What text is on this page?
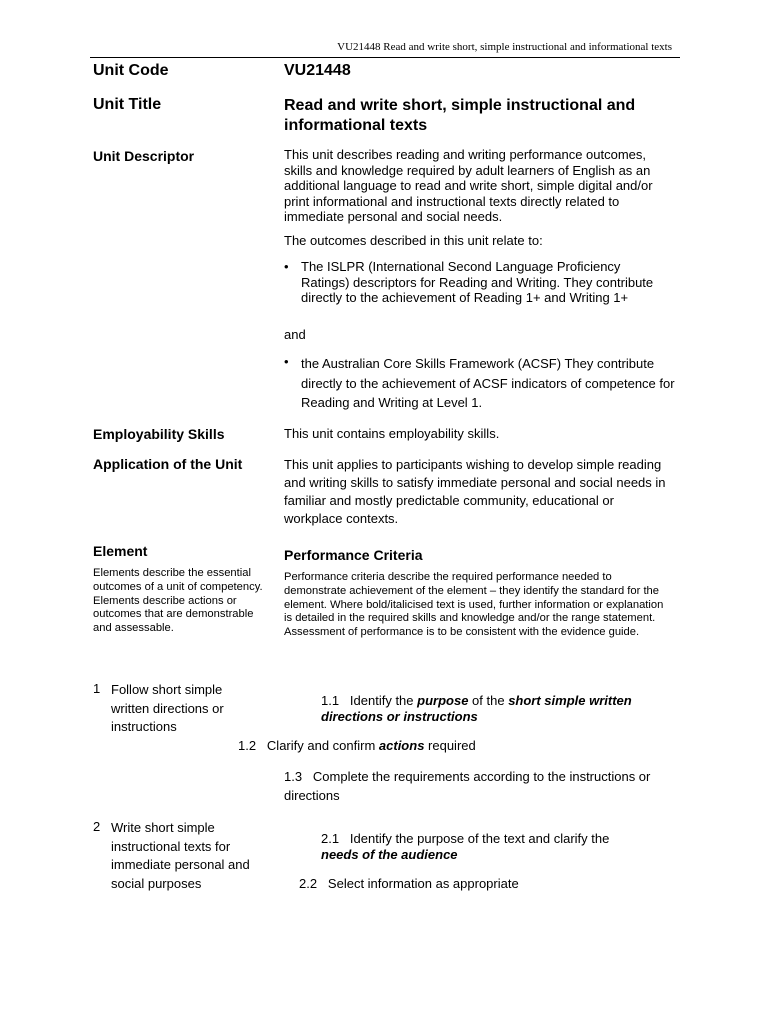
VU21448 Read and write short, simple instructional and informational texts
Unit Code	VU21448
Unit Title	Read and write short, simple instructional and informational texts
Unit Descriptor	This unit describes reading and writing performance outcomes, skills and knowledge required by adult learners of English as an additional language to read and write short, simple digital and/or print informational and instructional texts directly related to immediate personal and social needs.
The outcomes described in this unit relate to:
• The ISLPR (International Second Language Proficiency Ratings) descriptors for Reading and Writing. They contribute directly to the achievement of Reading 1+ and Writing 1+
and
• the Australian Core Skills Framework (ACSF) They contribute directly to the achievement of ACSF indicators of competence for Reading and Writing at Level 1.
Employability Skills	This unit contains employability skills.
Application of the Unit	This unit applies to participants wishing to develop simple reading and writing skills to satisfy immediate personal and social needs in familiar and mostly predictable community, educational or workplace contexts.
Element
Elements describe the essential outcomes of a unit of competency. Elements describe actions or outcomes that are demonstrable and assessable.
Performance Criteria
Performance criteria describe the required performance needed to demonstrate achievement of the element – they identify the standard for the element. Where bold/italicised text is used, further information or explanation is detailed in the required skills and knowledge and/or the range statement. Assessment of performance is to be consistent with the evidence guide.
1 Follow short simple written directions or instructions
1.1 Identify the purpose of the short simple written directions or instructions
1.2 Clarify and confirm actions required
1.3 Complete the requirements according to the instructions or directions
2 Write short simple instructional texts for immediate personal and social purposes
2.1 Identify the purpose of the text and clarify the needs of the audience
2.2 Select information as appropriate
